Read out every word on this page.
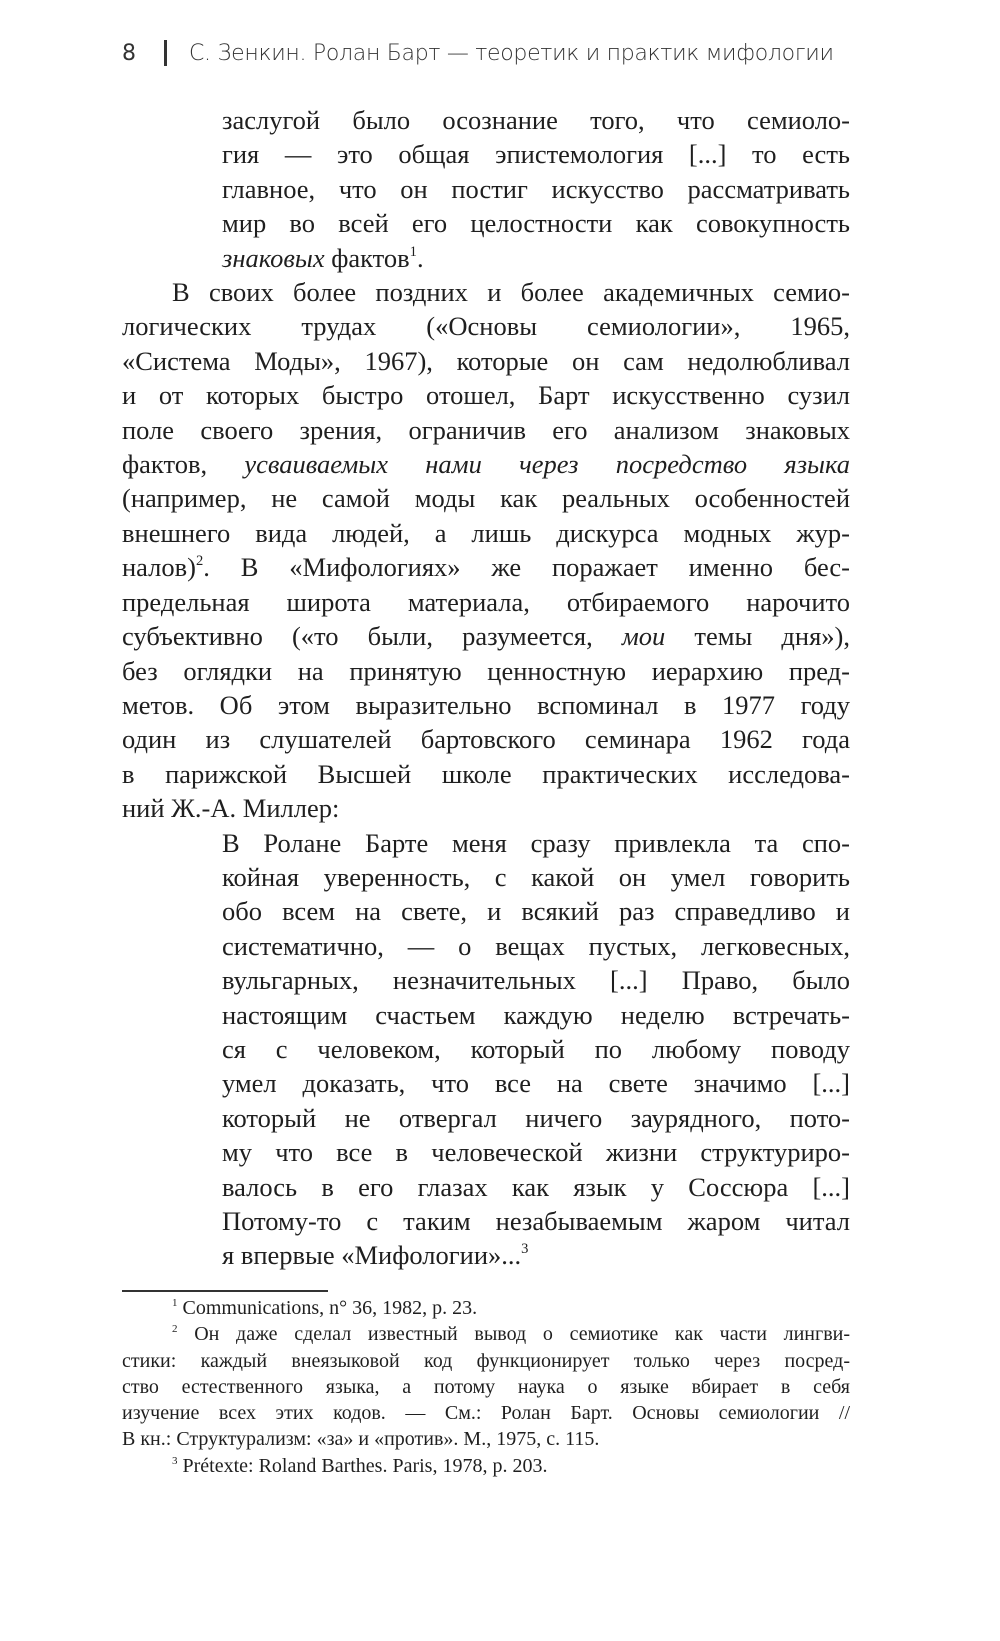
8 С. Зенкин. Ролан Барт — теоретик и практик мифологии
заслугой было осознание того, что семиоло-
гия — это общая эпистемология [...] то есть
главное, что он постиг искусство рассматривать
мир во всей его целостности как совокупность
знаковых фактов$^1$.
В своих более поздних и более академичных семио-
логических трудах («Основы семиологии», 1965,
«Система Моды», 1967), которые он сам недолюбливал
и от которых быстро отошел, Барт искусственно сузил
поле своего зрения, ограничив его анализом знаковых
фактов, усваиваемых нами через посредство языка
(например, не самой моды как реальных особенностей
внешнего вида людей, а лишь дискурса модных жур-
налов)$^2$. В «Мифологиях» же поражает именно бес-
предельная широта материала, отбираемого нарочито
субъективно («то были, разумеется, мои темы дня»),
без оглядки на принятую ценностную иерархию пред-
метов. Об этом выразительно вспоминал в 1977 году
один из слушателей бартовского семинара 1962 года
в парижской Высшей школе практических исследова-
ний Ж.-А. Миллер:
В Ролане Барте меня сразу привлекла та спо-
койная уверенность, с какой он умел говорить
обо всем на свете, и всякий раз справедливо и
систематично, — о вещах пустых, легковесных,
вульгарных, незначительных [...] Право, было
настоящим счастьем каждую неделю встречать-
ся с человеком, который по любому поводу
умел доказать, что все на свете значимо [...]
который не отвергал ничего заурядного, пото-
му что все в человеческой жизни структуриро-
валось в его глазах как язык у Соссюра [...]
Потому-то с таким незабываемым жаром читал
я впервые «Мифологии»...$^3$
$^1$ Communications, n° 36, 1982, p. 23.
$^2$ Он даже сделал известный вывод о семиотике как части лингви-
стики: каждый внеязыковой код функционирует только через посред-
ство естественного языка, а потому наука о языке вбирает в себя
изучение всех этих кодов. — См.: Ролан Барт. Основы семиологии //
В кн.: Структурализм: «за» и «против». М., 1975, с. 115.
$^3$ Prétexte: Roland Barthes. Paris, 1978, p. 203.
